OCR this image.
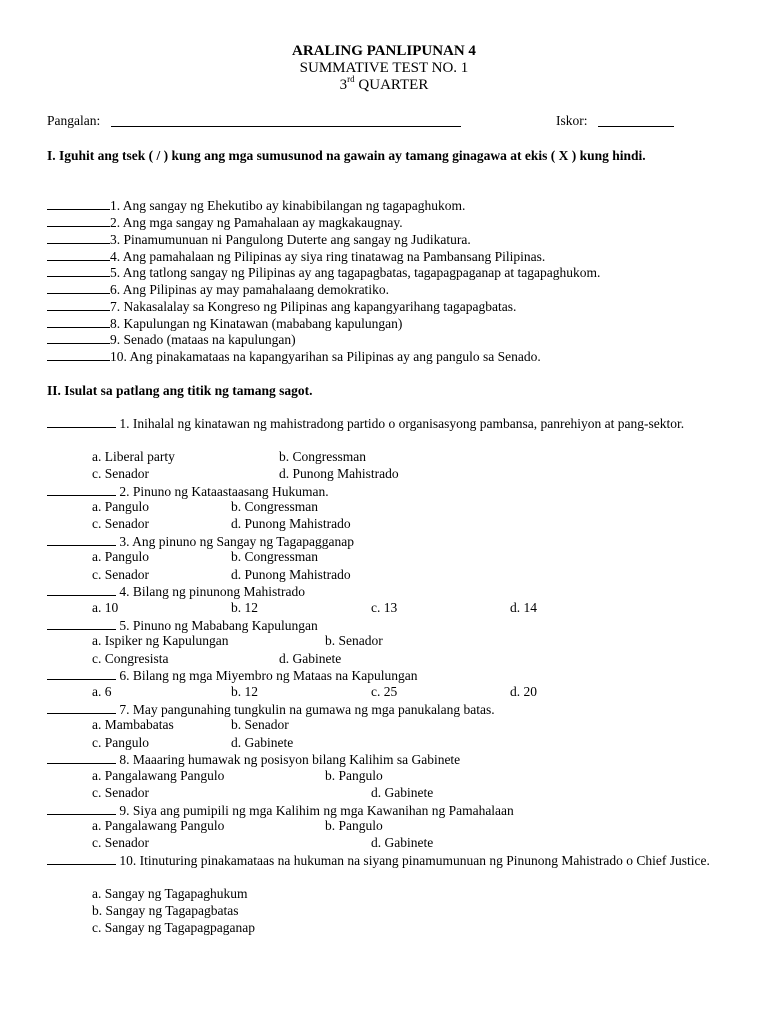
ARALING PANLIPUNAN 4
SUMMATIVE TEST NO. 1
3rd QUARTER
Pangalan:	Iskor:
I. Iguhit ang tsek ( / ) kung ang mga sumusunod na gawain ay tamang ginagawa at ekis ( X ) kung hindi.
1. Ang sangay ng Ehekutibo ay kinabibilangan ng tagapaghukom.
2. Ang mga sangay ng Pamahalaan ay magkakaugnay.
3. Pinamumunuan ni Pangulong Duterte ang sangay ng Judikatura.
4. Ang pamahalaan ng Pilipinas ay siya ring tinatawag na Pambansang Pilipinas.
5. Ang tatlong sangay ng Pilipinas ay ang tagapagbatas, tagapagpaganap at tagapaghukom.
6. Ang Pilipinas ay may pamahalaang demokratiko.
7. Nakasalalay sa Kongreso ng Pilipinas ang kapangyarihang tagapagbatas.
8. Kapulungan ng Kinatawan (mababang kapulungan)
9. Senado (mataas na kapulungan)
10. Ang pinakamataas na kapangyarihan sa Pilipinas ay ang pangulo sa Senado.
II. Isulat sa patlang ang titik ng tamang sagot.
1. Inihalal ng kinatawan ng mahistradong partido o organisasyong pambansa, panrehiyon at pang-sektor.
a. Liberal party	b. Congressman
c. Senador	d. Punong Mahistrado
2. Pinuno ng Kataastaasang Hukuman.
a. Pangulo	b. Congressman
c. Senador	d. Punong Mahistrado
3. Ang pinuno ng Sangay ng Tagapagganap
a. Pangulo	b. Congressman
c. Senador	d. Punong Mahistrado
4. Bilang ng pinunong Mahistrado
a. 10	b. 12	c. 13	d. 14
5. Pinuno ng Mababang Kapulungan
a. Ispiker ng Kapulungan	b. Senador
c. Congresista	d. Gabinete
6. Bilang ng mga Miyembro ng Mataas na Kapulungan
a. 6	b. 12	c. 25	d. 20
7. May pangunahing tungkulin na gumawa ng mga panukalang batas.
a. Mambabatas	b. Senador
c. Pangulo	d. Gabinete
8. Maaaring humawak ng posisyon bilang Kalihim sa Gabinete
a. Pangalawang Pangulo	b. Pangulo
c. Senador	d. Gabinete
9. Siya ang pumipili ng mga Kalihim ng mga Kawanihan ng Pamahalaan
a. Pangalawang Pangulo	b. Pangulo
c. Senador	d. Gabinete
10. Itinuturing pinakamataas na hukuman na siyang pinamumunuan ng Pinunong Mahistrado o Chief Justice.
a. Sangay ng Tagapaghukum
b. Sangay ng Tagapagbatas
c. Sangay ng Tagapagpaganap
